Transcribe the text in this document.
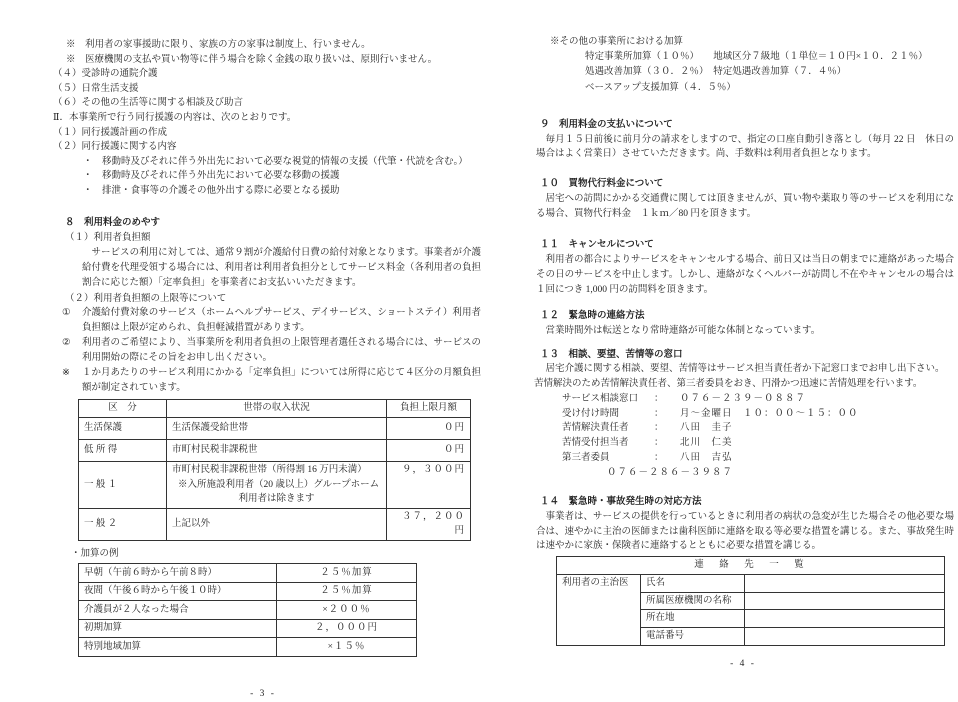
※　利用者の家事援助に限り、家族の方の家事は制度上、行いません。
※　医療機関の支払や買い物等に伴う場合を除く金銭の取り扱いは、原則行いません。
（４）受診時の通院介護
（５）日常生活支援
（６）その他の生活等に関する相談及び助言
Ⅱ．本事業所で行う同行援護の内容は、次のとおりです。
（１）同行援護計画の作成
（２）同行援護に関する内容
・　移動時及びそれに伴う外出先において必要な視覚的情報の支援（代筆・代読を含む。）
・　移動時及びそれに伴う外出先において必要な移動の援護
・　排泄・食事等の介護その他外出する際に必要となる援助
８　利用料金のめやす
（１）利用者負担額
サービスの利用に対しては、通常９割が介護給付日費の給付対象となります。事業者が介護給付費を代理受領する場合には、利用者は利用者負担分としてサービス料金（各利用者の負担割合に応じた額）「定率負担」を事業者にお支払いいただきます。
（２）利用者負担額の上限等について
①	介護給付費対象のサービス（ホームヘルプサービス、デイサービス、ショートステイ）利用者負担額は上限が定められ、負担軽減措置があります。
②	利用者のご希望により、当事業所を利用者負担の上限管理者選任される場合には、サービスの利用開始の際にその旨をお申し出ください。
※	１か月あたりのサービス利用にかかる「定率負担」については所得に応じて４区分の月額負担額が制定されています。
区　分	世帯の収入状況	負担上限月額
生活保護	生活保護受給世帯	０円
低 所 得	市町村民税非課税世	０円
一 般 １	市町村民税非課税世帯（所得割 16 万円未満）
※入所施設利用者（20 歳以上）グループホーム
利用者は除きます	９，３００円
一 般 ２	上記以外	３７，２００円
・加算の例
早朝（午前６時から午前８時）	２５％加算
夜間（午後６時から午後１０時）	２５％加算
介護員が２人なった場合	×２００％
初期加算	２，０００円
特別地域加算	×１５％
- 3 -
※その他の事業所における加算
特定事業所加算（１０％）　　地域区分７級地（１単位＝１０円×１０．２１％）
処遇改善加算（３０．２％）　特定処遇改善加算（７．４％）
ベースアップ支援加算（４．５％）
９　利用料金の支払いについて
毎月１５日前後に前月分の請求をしますので、指定の口座自動引き落とし（毎月 22 日　休日の場合はよく営業日）させていただきます。尚、手数料は利用者負担となります。
１０　買物代行料金について
居宅への訪問にかかる交通費に関しては頂きませんが、買い物や薬取り等のサービスを利用になる場合、買物代行料金　１ｋｍ／80 円を頂きます。
１１　キャンセルについて
利用者の都合によりサービスをキャンセルする場合、前日又は当日の朝までに連絡があった場合その日のサービスを中止します。しかし、連絡がなくヘルパーが訪問し不在やキャンセルの場合は１回につき 1,000 円の訪問料を頂きます。
１２　緊急時の連絡方法
営業時間外は転送となり常時連絡が可能な体制となっています。
１３　相談、要望、苦情等の窓口
居宅介護に関する相談、要望、苦情等はサービス担当責任者か下記窓口までお申し出下さい。
苦情解決のため苦情解決責任者、第三者委員をおき、円滑かつ迅速に苦情処理を行います。
サービス相談窓口	：	０７６－２３９－０８８７
受け付け時間	：	月～金曜日　１０：００～１５：００
苦情解決責任者	：	八田　圭子
苦情受付担当者	：	北川　仁美
第三者委員	：	八田　吉弘
０７６－２８６－３９８７
１４　緊急時・事故発生時の対応方法
事業者は、サービスの提供を行っているときに利用者の病状の急変が生じた場合その他必要な場合は、速やかに主治の医師または歯科医師に連絡を取る等必要な措置を講じる。また、事故発生時は速やかに家族・保険者に連絡するとともに必要な措置を講じる。
連　絡　先　一　覧		
利用者の主治医	氏名	
	所属医療機関の名称	
	所在地	
	電話番号	
- 4 -
